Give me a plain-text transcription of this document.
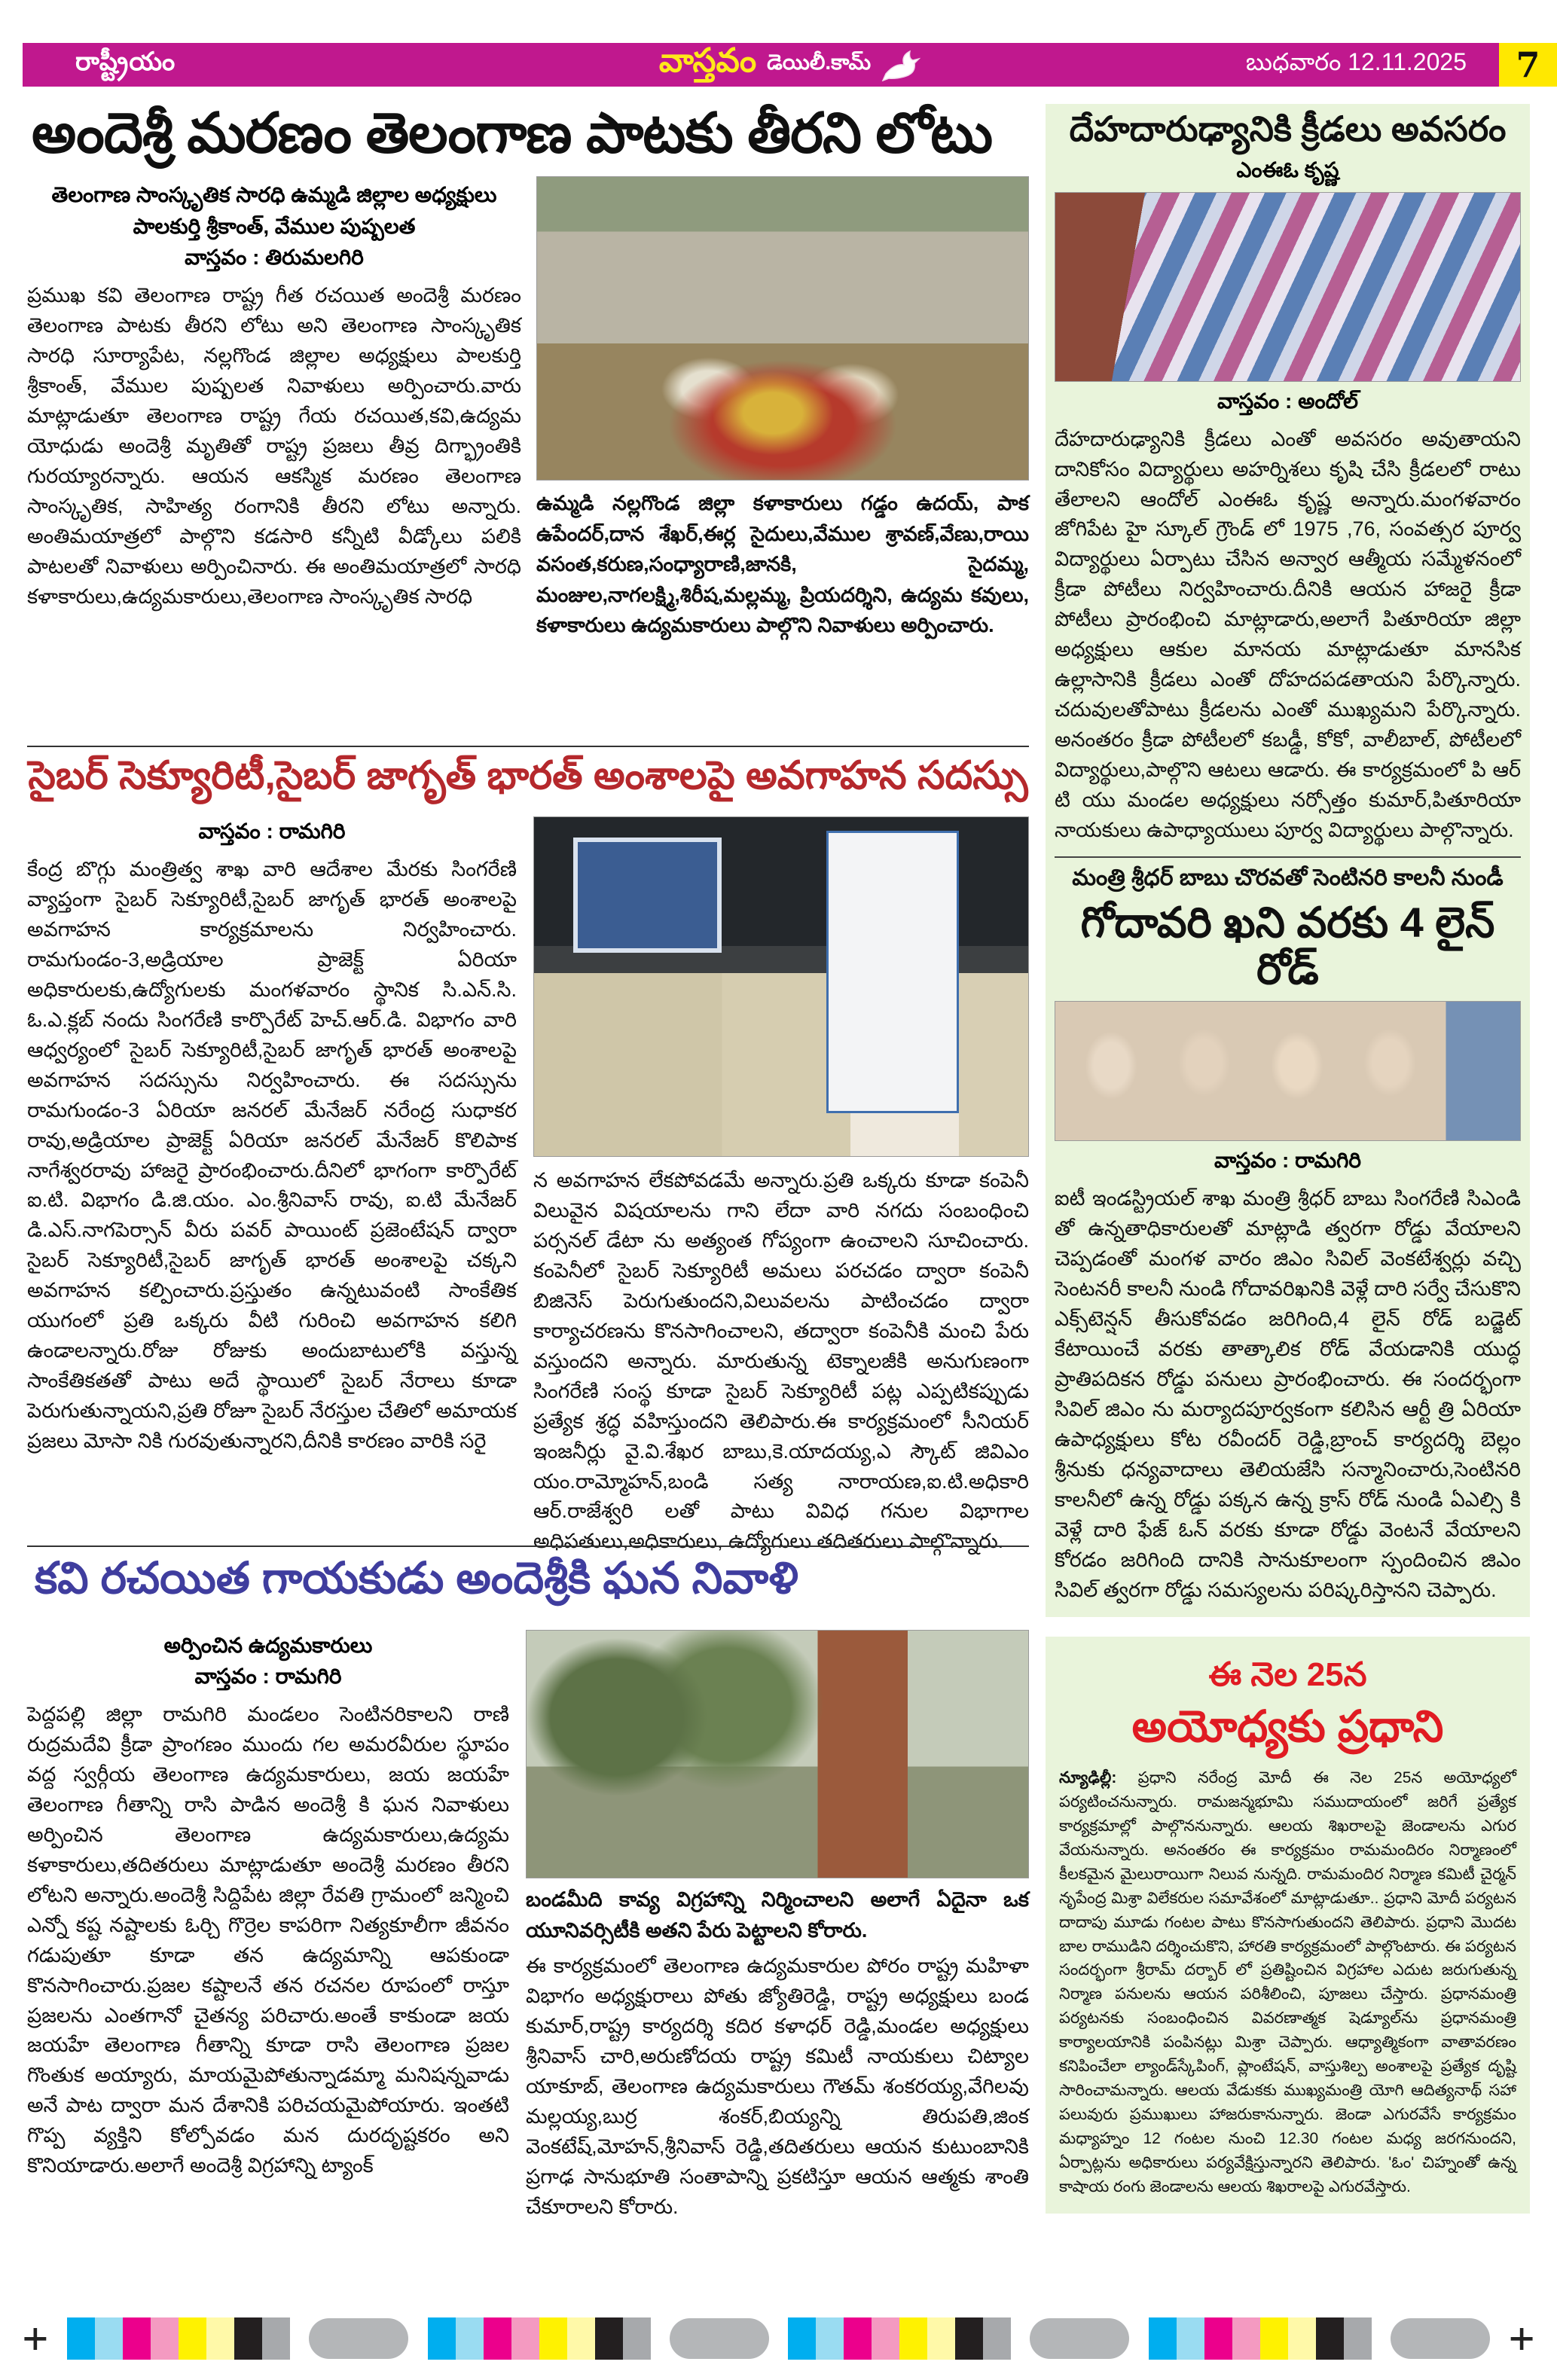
రాష్ట్రీయం	వాస్తవం డెయిలీ.కామ్	బుధవారం 12.11.2025	7
అందెశ్రీ మరణం తెలంగాణ పాటకు తీరని లోటు
తెలంగాణ సాంస్కృతిక సారధి ఉమ్మడి జిల్లాల అధ్యక్షులు
పాలకుర్తి శ్రీకాంత్, వేముల పుష్పలత
వాస్తవం : తిరుమలగిరి

ప్రముఖ కవి తెలంగాణ రాష్ట్ర గీత రచయిత అందెశ్రీ మరణం తెలంగాణ పాటకు తీరని లోటు అని తెలంగాణ సాంస్కృతిక సారధి సూర్యాపేట, నల్లగొండ జిల్లాల అధ్యక్షులు పాలకుర్తి శ్రీకాంత్, వేముల పుష్పలత నివాళులు అర్పించారు.వారు మాట్లాడుతూ తెలంగాణ రాష్ట్ర గేయ రచయిత,కవి,ఉద్యమ యోధుడు అందెశ్రీ మృతితో రాష్ట్ర ప్రజలు తీవ్ర దిగ్భ్రాంతికి గురయ్యారన్నారు. ఆయన ఆకస్మిక మరణం తెలంగాణ సాంస్కృతిక, సాహిత్య రంగానికి తీరని లోటు అన్నారు. అంతిమయాత్రలో పాల్గొని కడసారి కన్నీటి వీడ్కోలు పలికి పాటలతో నివాళులు అర్పించినారు. ఈ అంతిమయాత్రలో సారధి కళాకారులు,ఉద్యమకారులు,తెలంగాణ సాంస్కృతిక సారధి

ఉమ్మడి నల్లగొండ జిల్లా కళాకారులు గడ్డం ఉదయ్, పాక ఉపేందర్,దాన శేఖర్,ఈర్ల సైదులు,వేముల శ్రావణ్,వేణు,రాయి వసంత,కరుణ,సంధ్యారాణి,జానకి, సైదమ్మ, మంజుల,నాగలక్ష్మి,శిరీష,మల్లమ్మ, ప్రియదర్శిని, ఉద్యమ కవులు, కళాకారులు ఉద్యమకారులు పాల్గొని నివాళులు అర్పించారు.

సైబర్ సెక్యూరిటీ,సైబర్ జాగృత్ భారత్ అంశాలపై అవగాహన సదస్సు
వాస్తవం : రామగిరి

కేంద్ర బొగ్గు మంత్రిత్వ శాఖ వారి ఆదేశాల మేరకు సింగరేణి వ్యాప్తంగా సైబర్ సెక్యూరిటీ,సైబర్ జాగృత్ భారత్ అంశాలపై అవగాహన కార్యక్రమాలను నిర్వహించారు. రామగుండం-3,అడ్రియాల ప్రాజెక్ట్ ఏరియా అధికారులకు,ఉద్యోగులకు మంగళవారం స్థానిక సి.ఎన్.సి. ఓ.ఎ.క్లబ్ నందు సింగరేణి కార్పొరేట్ హెచ్.ఆర్.డి. విభాగం వారి ఆధ్వర్యంలో సైబర్ సెక్యూరిటీ,సైబర్ జాగృత్ భారత్ అంశాలపై అవగాహన సదస్సును నిర్వహించారు. ఈ సదస్సును రామగుండం-3 ఏరియా జనరల్ మేనేజర్ నరేంద్ర సుధాకర రావు,అడ్రియాల ప్రాజెక్ట్ ఏరియా జనరల్ మేనేజర్ కొలిపాక నాగేశ్వరరావు హాజరై ప్రారంభించారు.దీనిలో భాగంగా కార్పొరేట్ ఐ.టి. విభాగం డి.జి.యం. ఎం.శ్రీనివాస్ రావు, ఐ.టి మేనేజర్ డి.ఎస్.నాగపెర్సాన్ వీరు పవర్ పాయింట్ ప్రజెంటేషన్ ద్వారా సైబర్ సెక్యూరిటీ,సైబర్ జాగృత్ భారత్ అంశాలపై చక్కని అవగాహన కల్పించారు.ప్రస్తుతం ఉన్నటువంటి సాంకేతిక యుగంలో ప్రతి ఒక్కరు వీటి గురించి అవగాహన కలిగి ఉండాలన్నారు.రోజు రోజుకు అందుబాటులోకి వస్తున్న సాంకేతికతతో పాటు అదే స్థాయిలో సైబర్ నేరాలు కూడా పెరుగుతున్నాయని,ప్రతి రోజూ సైబర్ నేరస్తుల చేతిలో అమాయక ప్రజలు మోసా నికి గురవుతున్నారని,దీనికి కారణం వారికి సరై

న అవగాహన లేకపోవడమే అన్నారు.ప్రతి ఒక్కరు కూడా కంపెనీ విలువైన విషయాలను గాని లేదా వారి నగదు సంబంధించి పర్సనల్ డేటా ను అత్యంత గోప్యంగా ఉంచాలని సూచించారు. కంపెనీలో సైబర్ సెక్యూరిటీ అమలు పరచడం ద్వారా కంపెనీ బిజినెస్ పెరుగుతుందని,విలువలను పాటించడం ద్వారా కార్యాచరణను కొనసాగించాలని, తద్వారా కంపెనీకి మంచి పేరు వస్తుందని అన్నారు. మారుతున్న టెక్నాలజీకి అనుగుణంగా సింగరేణి సంస్థ కూడా సైబర్ సెక్యూరిటీ పట్ల ఎప్పటికప్పుడు ప్రత్యేక శ్రద్ధ వహిస్తుందని తెలిపారు.ఈ కార్యక్రమంలో సీనియర్ ఇంజనీర్లు వై.వి.శేఖర బాబు,కె.యాదయ్య,ఎ స్కౌట్ జివిఎం యం.రామ్మోహన్,బండి సత్య నారాయణ,ఐ.టి.అధికారి ఆర్.రాజేశ్వరి లతో పాటు వివిధ గనుల విభాగాల అధిపతులు,అధికారులు, ఉద్యోగులు తదితరులు పాల్గొన్నారు.

కవి రచయిత గాయకుడు అందెశ్రీకి ఘన నివాళి
అర్పించిన ఉద్యమకారులు
వాస్తవం : రామగిరి

పెద్దపల్లి జిల్లా రామగిరి మండలం సెంటినరికాలని రాణి రుద్రమదేవి క్రీడా ప్రాంగణం ముందు గల అమరవీరుల స్థూపం వద్ద స్వర్గీయ తెలంగాణ ఉద్యమకారులు, జయ జయహే తెలంగాణ గీతాన్ని రాసి పాడిన అందెశ్రీ కి ఘన నివాళులు అర్పించిన తెలంగాణ ఉద్యమకారులు,ఉద్యమ కళాకారులు,తదితరులు మాట్లాడుతూ అందెశ్రీ మరణం తీరని లోటని అన్నారు.అందెశ్రీ సిద్దిపేట జిల్లా రేవతి గ్రామంలో జన్మించి ఎన్నో కష్ట నష్టాలకు ఓర్చి గొర్రెల కాపరిగా నిత్యకూలీగా జీవనం గడుపుతూ కూడా తన ఉద్యమాన్ని ఆపకుండా కొనసాగించారు.ప్రజల కష్టాలనే తన రచనల రూపంలో రాస్తూ ప్రజలను ఎంతగానో చైతన్య పరిచారు.అంతే కాకుండా జయ జయహే తెలంగాణ గీతాన్ని కూడా రాసి తెలంగాణ ప్రజల గొంతుక అయ్యారు, మాయమైపోతున్నాడమ్మా మనిషన్నవాడు అనే పాట ద్వారా మన దేశానికి పరిచయమైపోయారు. ఇంతటి గొప్ప వ్యక్తిని కోల్పోవడం మన దురదృష్టకరం అని కొనియాడారు.అలాగే అందెశ్రీ విగ్రహాన్ని ట్యాంక్

బండమీది కావ్య విగ్రహాన్ని నిర్మించాలని అలాగే ఏదైనా ఒక యూనివర్సిటీకి అతని పేరు పెట్టాలని కోరారు.

ఈ కార్యక్రమంలో తెలంగాణ ఉద్యమకారుల పోరం రాష్ట్ర మహిళా విభాగం అధ్యక్షురాలు పోతు జ్యోతిరెడ్డి, రాష్ట్ర అధ్యక్షులు బండ కుమార్,రాష్ట్ర కార్యదర్శి కదిర కళాధర్ రెడ్డి,మండల అధ్యక్షులు శ్రీనివాస్ చారి,అరుణోదయ రాష్ట్ర కమిటీ నాయకులు చిట్యాల యాకూబ్, తెలంగాణ ఉద్యమకారులు గౌతమ్ శంకరయ్య,వేగిలవు మల్లయ్య,బుర్ర శంకర్,బియ్యన్ని తిరుపతి,జింక వెంకటేష్,మోహన్,శ్రీనివాస్ రెడ్డి,తదితరులు ఆయన కుటుంబానికి ప్రగాఢ సానుభూతి సంతాపాన్ని ప్రకటిస్తూ ఆయన ఆత్మకు శాంతి చేకూరాలని కోరారు.

దేహదారుఢ్యానికి క్రీడలు అవసరం
ఎంఈఓ కృష్ణ
వాస్తవం : అందోల్

దేహదారుఢ్యానికి క్రీడలు ఎంతో అవసరం అవుతాయని దానికోసం విద్యార్థులు అహర్నిశలు కృషి చేసి క్రీడలలో రాటు తేలాలని ఆందోల్ ఎంఈఓ కృష్ణ అన్నారు.మంగళవారం జోగిపేట హై స్కూల్ గ్రౌండ్ లో 1975 ,76, సంవత్సర పూర్వ విద్యార్థులు ఏర్పాటు చేసిన అన్వార ఆత్మీయ సమ్మేళనంలో క్రీడా పోటీలు నిర్వహించారు.దీనికి ఆయన హాజరై క్రీడా పోటీలు ప్రారంభించి మాట్లాడారు,అలాగే పితూరియా జిల్లా అధ్యక్షులు ఆకుల మానయ మాట్లాడుతూ మానసిక ఉల్లాసానికి క్రీడలు ఎంతో దోహదపడతాయని పేర్కొన్నారు. చదువులతోపాటు క్రీడలను ఎంతో ముఖ్యమని పేర్కొన్నారు. అనంతరం క్రీడా పోటీలలో కబడ్డీ, కోకో, వాలీబాల్, పోటీలలో విద్యార్థులు,పాల్గొని ఆటలు ఆడారు. ఈ కార్యక్రమంలో పి ఆర్ టి యు మండల అధ్యక్షులు నర్సోత్తం కుమార్,పితూరియా నాయకులు ఉపాధ్యాయులు పూర్వ విద్యార్థులు పాల్గొన్నారు.

మంత్రి శ్రీధర్ బాబు చొరవతో సెంటినరి కాలనీ నుండీ
గోదావరి ఖని వరకు 4 లైన్ రోడ్
వాస్తవం : రామగిరి

ఐటీ ఇండస్ట్రియల్ శాఖ మంత్రి శ్రీధర్ బాబు సింగరేణి సిఎండి తో ఉన్నతాధికారులతో మాట్లాడి త్వరగా రోడ్డు వేయాలని చెప్పడంతో మంగళ వారం జిఎం సివిల్ వెంకటేశ్వర్లు వచ్చి సెంటనరీ కాలనీ నుండి గోదావరిఖనికి వెళ్లే దారి సర్వే చేసుకొని ఎక్స్‌టెన్షన్ తీసుకోవడం జరిగింది,4 లైన్ రోడ్ బడ్జెట్ కేటాయించే వరకు తాత్కాలిక రోడ్ వేయడానికి యుద్ధ ప్రాతిపదికన రోడ్డు పనులు ప్రారంభించారు. ఈ సందర్భంగా సివిల్ జిఎం ను మర్యాదపూర్వకంగా కలిసిన ఆర్టీ త్రి ఏరియా ఉపాధ్యక్షులు కోట రవీందర్ రెడ్డి,బ్రాంచ్ కార్యదర్శి బెల్లం శ్రీనుకు ధన్యవాదాలు తెలియజేసి సన్మానించారు,సెంటినరి కాలనీలో ఉన్న రోడ్డు పక్కన ఉన్న క్రాస్ రోడ్ నుండి ఏఎల్సి కి వెళ్లే దారి ఫేజ్ ఓన్ వరకు కూడా రోడ్డు వెంటనే వేయాలని కోరడం జరిగింది దానికి సానుకూలంగా స్పందించిన జిఎం సివిల్ త్వరగా రోడ్డు సమస్యలను పరిష్కరిస్తానని చెప్పారు.

ఈ నెల 25న
అయోధ్యకు ప్రధాని

న్యూఢిల్లీ: ప్రధాని నరేంద్ర మోదీ ఈ నెల 25న అయోధ్యలో పర్యటించనున్నారు. రామజన్మభూమి సముదాయంలో జరిగే ప్రత్యేక కార్యక్రమాల్లో పాల్గొననున్నారు. ఆలయ శిఖరాలపై జెండాలను ఎగుర వేయనున్నారు. అనంతరం ఈ కార్యక్రమం రామమందిరం నిర్మాణంలో కీలకమైన మైలురాయిగా నిలువ నున్నది. రామమందిర నిర్మాణ కమిటీ చైర్మన్ నృపేంద్ర మిశ్రా విలేకరుల సమావేశంలో మాట్లాడుతూ.. ప్రధాని మోదీ పర్యటన దాదాపు మూడు గంటల పాటు కొనసాగుతుందని తెలిపారు. ప్రధాని మొదట బాల రాముడిని దర్శించుకొని, హారతి కార్యక్రమంలో పాల్గొంటారు. ఈ పర్యటన సందర్భంగా శ్రీరామ్ దర్బార్ లో ప్రతిష్టించిన విగ్రహాల ఎదుట జరుగుతున్న నిర్మాణ పనులను ఆయన పరిశీలించి, పూజలు చేస్తారు. ప్రధానమంత్రి పర్యటనకు సంబంధించిన వివరణాత్మక షెడ్యూల్‌ను ప్రధానమంత్రి కార్యాలయానికి పంపినట్లు మిశ్రా చెప్పారు. ఆధ్యాత్మికంగా వాతావరణం కనిపించేలా ల్యాండ్‌స్కేపింగ్, ప్లాంటేషన్, వాస్తుశిల్ప అంశాలపై ప్రత్యేక దృష్టి సారించామన్నారు. ఆలయ వేడుకకు ముఖ్యమంత్రి యోగి ఆదిత్యనాథ్ సహా పలువురు ప్రముఖులు హాజరుకానున్నారు. జెండా ఎగురవేసే కార్యక్రమం మధ్యాహ్నం 12 గంటల నుంచి 12.30 గంటల మధ్య జరగనుందని, ఏర్పాట్లను అధికారులు పర్యవేక్షిస్తున్నారని తెలిపారు. 'ఓం' చిహ్నంతో ఉన్న కాషాయ రంగు జెండాలను ఆలయ శిఖరాలపై ఎగురవేస్తారు.

+	+
